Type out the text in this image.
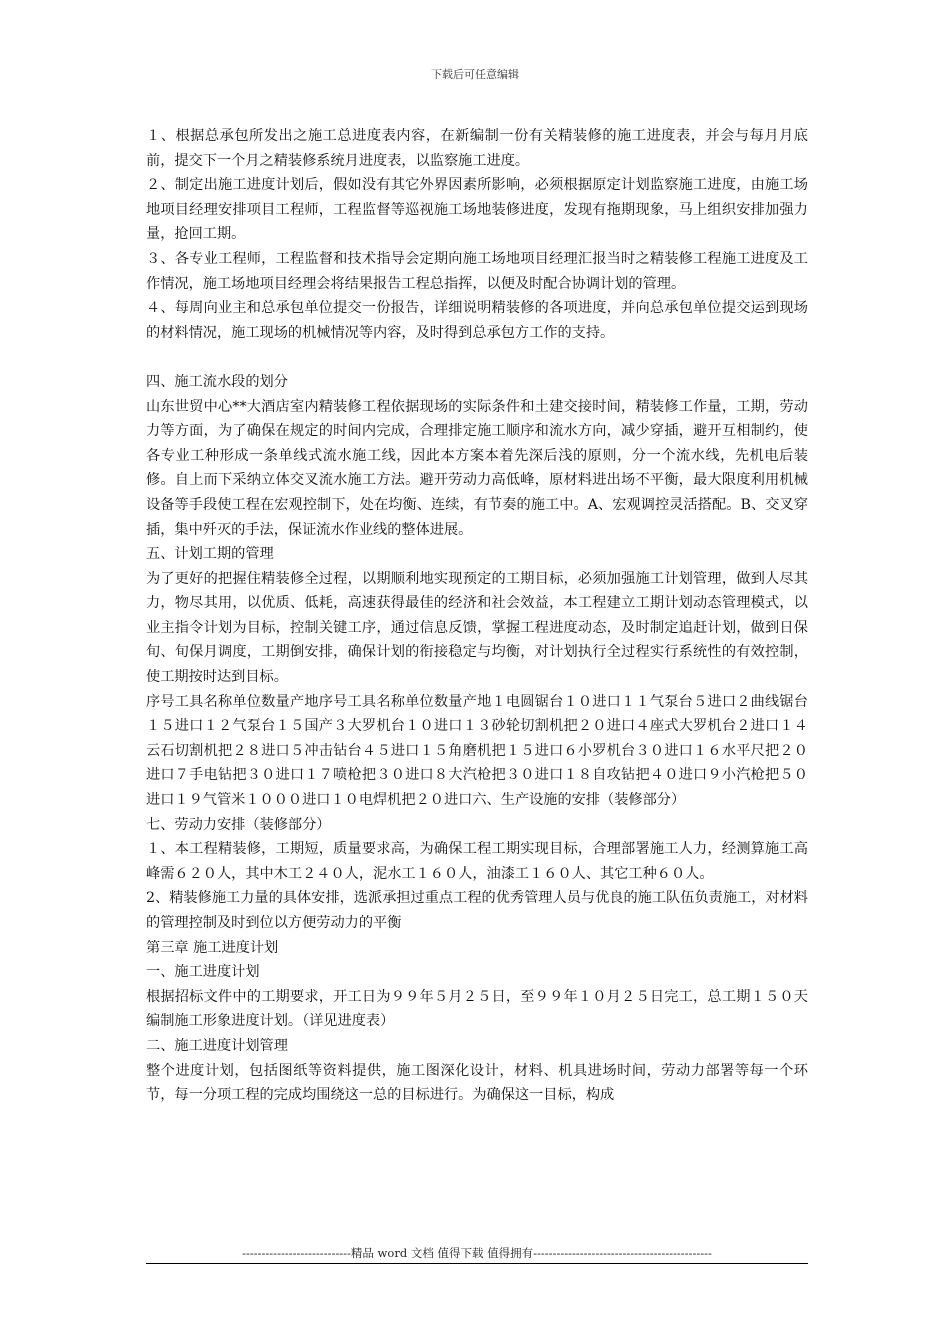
下载后可任意编辑

１、根据总承包所发出之施工总进度表内容，在新编制一份有关精装修的施工进度表，并会与每月月底前，提交下一个月之精装修系统月进度表，以监察施工进度。

２、制定出施工进度计划后，假如没有其它外界因素所影响，必须根据原定计划监察施工进度，由施工场地项目经理安排项目工程师，工程监督等巡视施工场地装修进度，发现有拖期现象，马上组织安排加强力量，抢回工期。

３、各专业工程师，工程监督和技术指导会定期向施工场地项目经理汇报当时之精装修工程施工进度及工作情况，施工场地项目经理会将结果报告工程总指挥，以便及时配合协调计划的管理。

４、每周向业主和总承包单位提交一份报告，详细说明精装修的各项进度，并向总承包单位提交运到现场的材料情况，施工现场的机械情况等内容，及时得到总承包方工作的支持。

四、施工流水段的划分

山东世贸中心**大酒店室内精装修工程依据现场的实际条件和土建交接时间，精装修工作量，工期，劳动力等方面，为了确保在规定的时间内完成，合理排定施工顺序和流水方向，减少穿插，避开互相制约，使各专业工种形成一条单线式流水施工线，因此本方案本着先深后浅的原则，分一个流水线，先机电后装修。自上而下采纳立体交叉流水施工方法。避开劳动力高低峰，原材料进出场不平衡，最大限度利用机械设备等手段使工程在宏观控制下，处在均衡、连续，有节奏的施工中。A、宏观调控灵活搭配。B、交叉穿插，集中歼灭的手法，保证流水作业线的整体进展。

五、计划工期的管理

为了更好的把握住精装修全过程，以期顺利地实现预定的工期目标，必须加强施工计划管理，做到人尽其力，物尽其用，以优质、低耗，高速获得最佳的经济和社会效益，本工程建立工期计划动态管理模式，以业主指令计划为目标，控制关键工序，通过信息反馈，掌握工程进度动态，及时制定追赶计划，做到日保旬、旬保月调度，工期倒安排，确保计划的衔接稳定与均衡，对计划执行全过程实行系统性的有效控制，使工期按时达到目标。

序号工具名称单位数量产地序号工具名称单位数量产地１电圆锯台１０进口１１气泵台５进口２曲线锯台１５进口１２气泵台１５国产３大罗机台１０进口１３砂轮切割机把２０进口４座式大罗机台２进口１４云石切割机把２８进口５冲击钻台４５进口１５角磨机把１５进口６小罗机台３０进口１６水平尺把２０进口７手电钻把３０进口１７喷枪把３０进口８大汽枪把３０进口１８自攻钻把４０进口９小汽枪把５０进口１９气管米１０００进口１０电焊机把２０进口六、生产设施的安排（装修部分）

七、劳动力安排（装修部分）

１、本工程精装修，工期短，质量要求高，为确保工程工期实现目标，合理部署施工人力，经测算施工高峰需６２０人，其中木工２４０人，泥水工１６０人，油漆工１６０人、其它工种６０人。

2、精装修施工力量的具体安排，选派承担过重点工程的优秀管理人员与优良的施工队伍负责施工，对材料的管理控制及时到位以方便劳动力的平衡

第三章 施工进度计划

一、施工进度计划

根据招标文件中的工期要求，开工日为９９年５月２５日，至９９年１０月２５日完工，总工期１５０天编制施工形象进度计划。（详见进度表）

二、施工进度计划管理

整个进度计划，包括图纸等资料提供，施工图深化设计，材料、机具进场时间，劳动力部署等每一个环节，每一分项工程的完成均围绕这一总的目标进行。为确保这一目标，构成

----------------------------精品 word 文档 值得下载 值得拥有----------------------------------------------
